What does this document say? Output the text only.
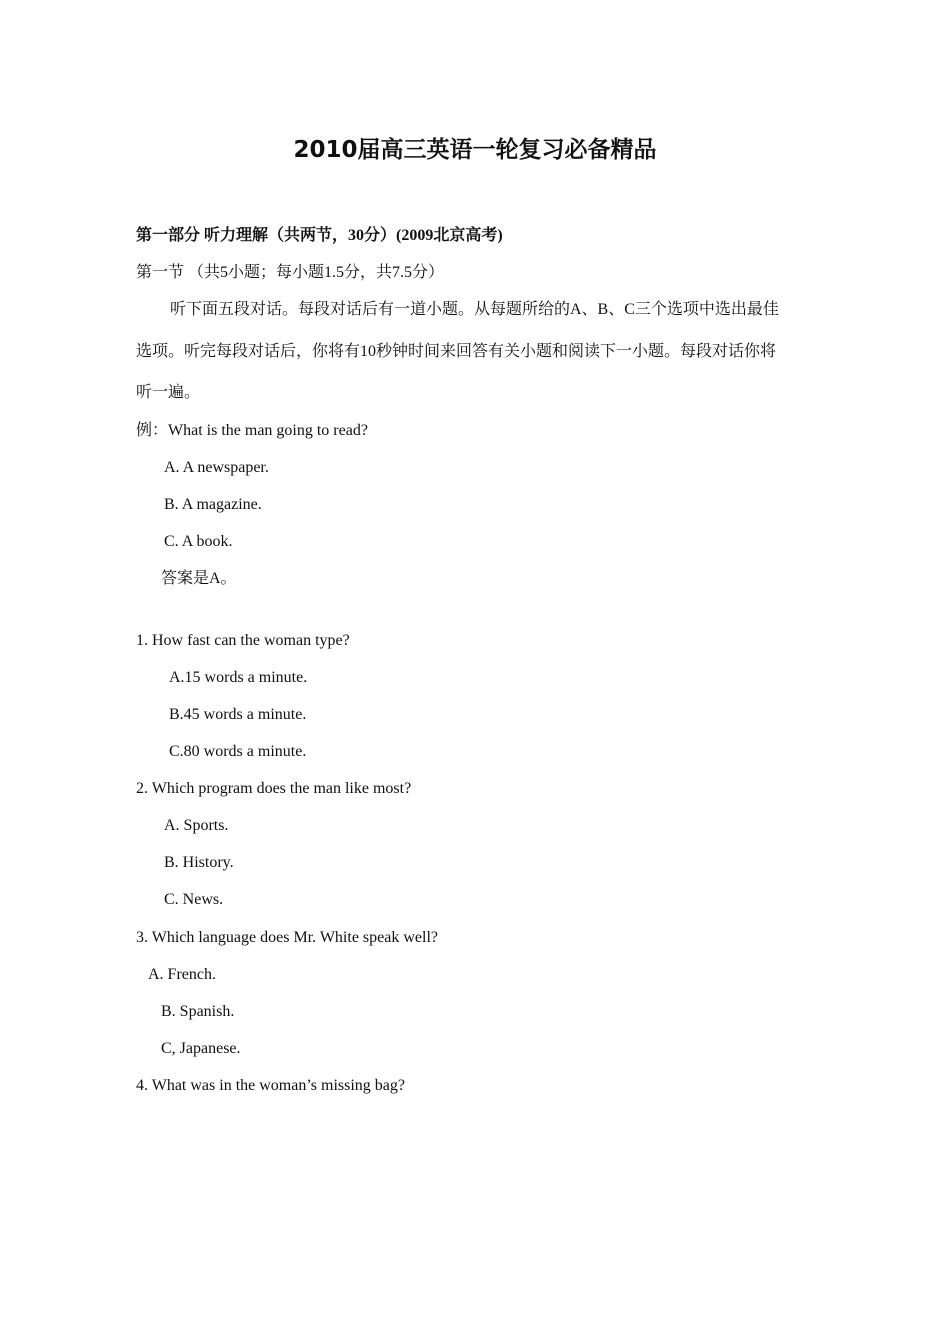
2010届高三英语一轮复习必备精品
第一部分 听力理解（共两节，30分）(2009北京高考)
第一节 （共5小题；每小题1.5分，共7.5分）
听下面五段对话。每段对话后有一道小题。从每题所给的A、B、C三个选项中选出最佳
选项。听完每段对话后，你将有10秒钟时间来回答有关小题和阅读下一小题。每段对话你将
听一遍。
例：What is the man going to read?
A. A newspaper.
B. A magazine.
C. A book.
答案是A。
1. How fast can the woman type?
A.15 words a minute.
B.45 words a minute.
C.80 words a minute.
2. Which program does the man like most?
A. Sports.
B. History.
C. News.
3. Which language does Mr. White speak well?
A. French.
B. Spanish.
C, Japanese.
4. What was in the woman’s missing bag?
